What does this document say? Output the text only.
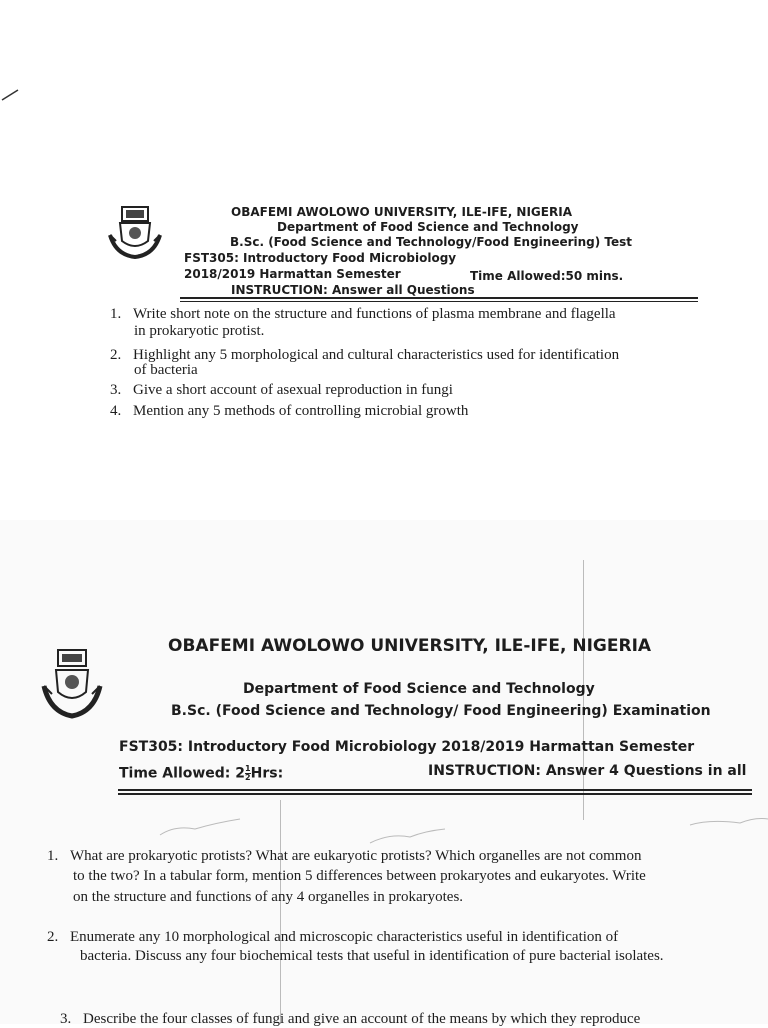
OBAFEMI AWOLOWO UNIVERSITY, ILE-IFE, NIGERIA
Department of Food Science and Technology
B.Sc. (Food Science and Technology/Food Engineering) Test
FST305: Introductory Food Microbiology
2018/2019 Harmattan Semester	Time Allowed:50 mins.
INSTRUCTION: Answer all Questions
1. Write short note on the structure and functions of plasma membrane and flagella
in prokaryotic protist.
2. Highlight any 5 morphological and cultural characteristics used for identification
of bacteria
3. Give a short account of asexual reproduction in fungi
4. Mention any 5 methods of controlling microbial growth
OBAFEMI AWOLOWO UNIVERSITY, ILE-IFE, NIGERIA
Department of Food Science and Technology
B.Sc. (Food Science and Technology/ Food Engineering) Examination
FST305: Introductory Food Microbiology 2018/2019 Harmattan Semester
Time Allowed: $2 \frac{1}{2}$ Hrs:	INSTRUCTION: Answer 4 Questions in all
1. What are prokaryotic protists? What are eukaryotic protists? Which organelles are not common
to the two? In a tabular form, mention 5 differences between prokaryotes and eukaryotes. Write
on the structure and functions of any 4 organelles in prokaryotes.
2. Enumerate any 10 morphological and microscopic characteristics useful in identification of
bacteria. Discuss any four biochemical tests that useful in identification of pure bacterial isolates.
3. Describe the four classes of fungi and give an account of the means by which they reproduce
